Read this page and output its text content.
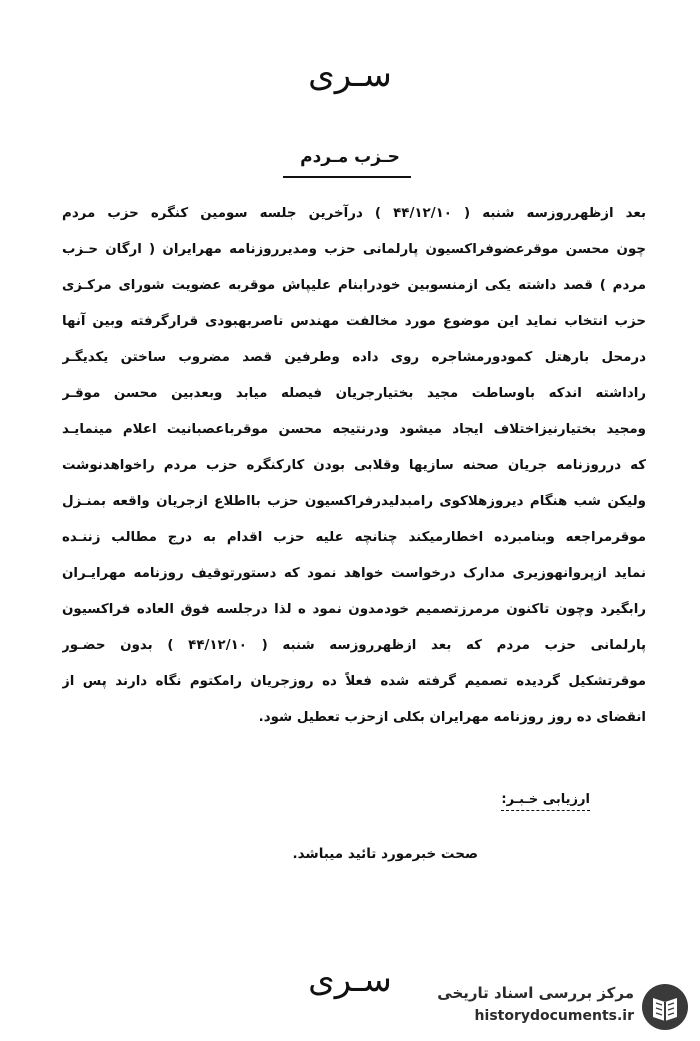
سـری
حـزب مـردم
بعد ازظهرروزسه شنبه ( ۴۴/۱۲/۱۰ ) درآخرین جلسه سومین کنگره حزب مردم
چون محسن موقرعضوفراکسیون پارلمانی حزب ومدیرروزنامه مهرایران ( ارگان حـزب
مردم ) قصد داشته یکی ازمنسوبین خودرابنام علیپاش موقربه عضویت شورای مرکـزی
حزب انتخاب نماید این موضوع مورد مخالفت مهندس ناصربهبودی قرارگرفته وبین آنها
درمحل بارهتل کمودورمشاجره روی داده وطرفین قصد مضروب ساختن یکدیگـر
راداشته اندکه باوساطت مجید بختیارجریان فیصله میابد وبعدبین محسن موقـر
ومجید بختیارنیزاختلاف ایجاد میشود ودرنتیجه محسن موقرباعصبانیت اعلام مینمایـد
که درروزنامه جریان صحنه سازیها وقلابی بودن کارکنگره حزب مردم راخواهدنوشت
ولیکن شب هنگام دیروزهلاکوی رامبدلیدرفراکسیون حزب بااطلاع ازجریان واقعه بمنـزل
موقرمراجعه وبنامبرده اخطارمیکند چنانچه علیه حزب اقدام به درج مطالب زننـده
نماید ازپروانهوزیری مدارک درخواست خواهد نمود که دستورتوقیف روزنامه مهرایـران
رابگیرد وچون تاکنون مرمرزتصمیم خودمدون نمود ه لذا درجلسه فوق العاده فراکسیون
پارلمانی حزب مردم که بعد ازظهرروزسه شنبه ( ۴۴/۱۲/۱۰ ) بدون حضـور
موقرتشکیل گردیده تصمیم گرفته شده فعلاً ده روزجریان رامکتوم نگاه دارند پس از
انقضای ده روز روزنامه مهرایران بکلی ازحزب تعطیل شود.
ارزیابی خـبـر:
صحت خبرمورد تائید میباشد.
سـری	مرکز بررسی اسناد تاریخی
historydocuments.ir
